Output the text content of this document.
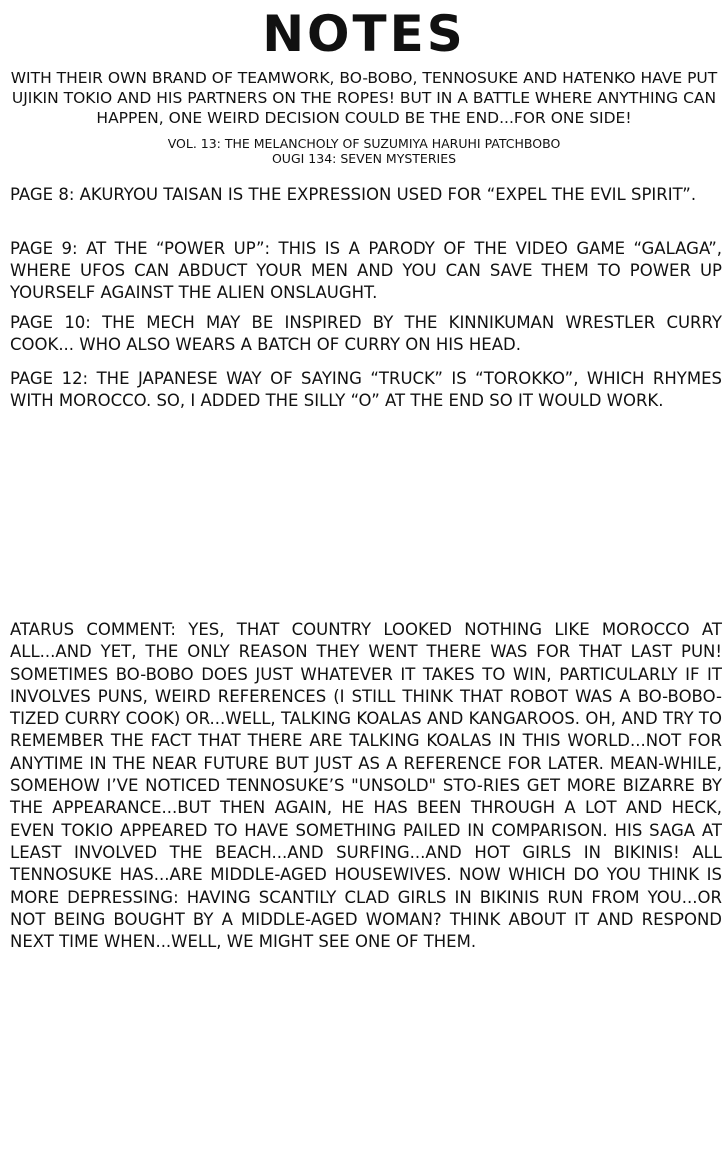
NOTES
WITH THEIR OWN BRAND OF TEAMWORK, BO-BOBO, TENNOSUKE AND HATENKO HAVE PUT UJIKIN TOKIO AND HIS PARTNERS ON THE ROPES! BUT IN A BATTLE WHERE ANYTHING CAN HAPPEN, ONE WEIRD DECISION COULD BE THE END...FOR ONE SIDE!
VOL. 13: THE MELANCHOLY OF SUZUMIYA HARUHI PATCHBOBO
OUGI 134: SEVEN MYSTERIES
PAGE 8: AKURYOU TAISAN IS THE EXPRESSION USED FOR “EXPEL THE EVIL SPIRIT”.
PAGE 9: AT THE “POWER UP”: THIS IS A PARODY OF THE VIDEO GAME “GALAGA”, WHERE UFOS CAN ABDUCT YOUR MEN AND YOU CAN SAVE THEM TO POWER UP YOURSELF AGAINST THE ALIEN ONSLAUGHT.
PAGE 10: THE MECH MAY BE INSPIRED BY THE KINNIKUMAN WRESTLER CURRY COOK... WHO ALSO WEARS A BATCH OF CURRY ON HIS HEAD.
PAGE 12: THE JAPANESE WAY OF SAYING “TRUCK” IS “TOROKKO”, WHICH RHYMES WITH MOROCCO. SO, I ADDED THE SILLY “O” AT THE END SO IT WOULD WORK.
ATARUS COMMENT: YES, THAT COUNTRY LOOKED NOTHING LIKE MOROCCO AT ALL...AND YET, THE ONLY REASON THEY WENT THERE WAS FOR THAT LAST PUN! SOMETIMES BO-BOBO DOES JUST WHATEVER IT TAKES TO WIN, PARTICULARLY IF IT INVOLVES PUNS, WEIRD REFERENCES (I STILL THINK THAT ROBOT WAS A BO-BOBO-TIZED CURRY COOK) OR...WELL, TALKING KOALAS AND KANGAROOS. OH, AND TRY TO REMEMBER THE FACT THAT THERE ARE TALKING KOALAS IN THIS WORLD...NOT FOR ANYTIME IN THE NEAR FUTURE BUT JUST AS A REFERENCE FOR LATER. MEAN-WHILE, SOMEHOW I’VE NOTICED TENNOSUKE’S "UNSOLD" STO-RIES GET MORE BIZARRE BY THE APPEARANCE...BUT THEN AGAIN, HE HAS BEEN THROUGH A LOT AND HECK, EVEN TOKIO APPEARED TO HAVE SOMETHING PAILED IN COMPARISON. HIS SAGA AT LEAST INVOLVED THE BEACH...AND SURFING...AND HOT GIRLS IN BIKINIS! ALL TENNOSUKE HAS...ARE MIDDLE-AGED HOUSEWIVES. NOW WHICH DO YOU THINK IS MORE DEPRESSING: HAVING SCANTILY CLAD GIRLS IN BIKINIS RUN FROM YOU...OR NOT BEING BOUGHT BY A MIDDLE-AGED WOMAN? THINK ABOUT IT AND RESPOND NEXT TIME WHEN...WELL, WE MIGHT SEE ONE OF THEM.
